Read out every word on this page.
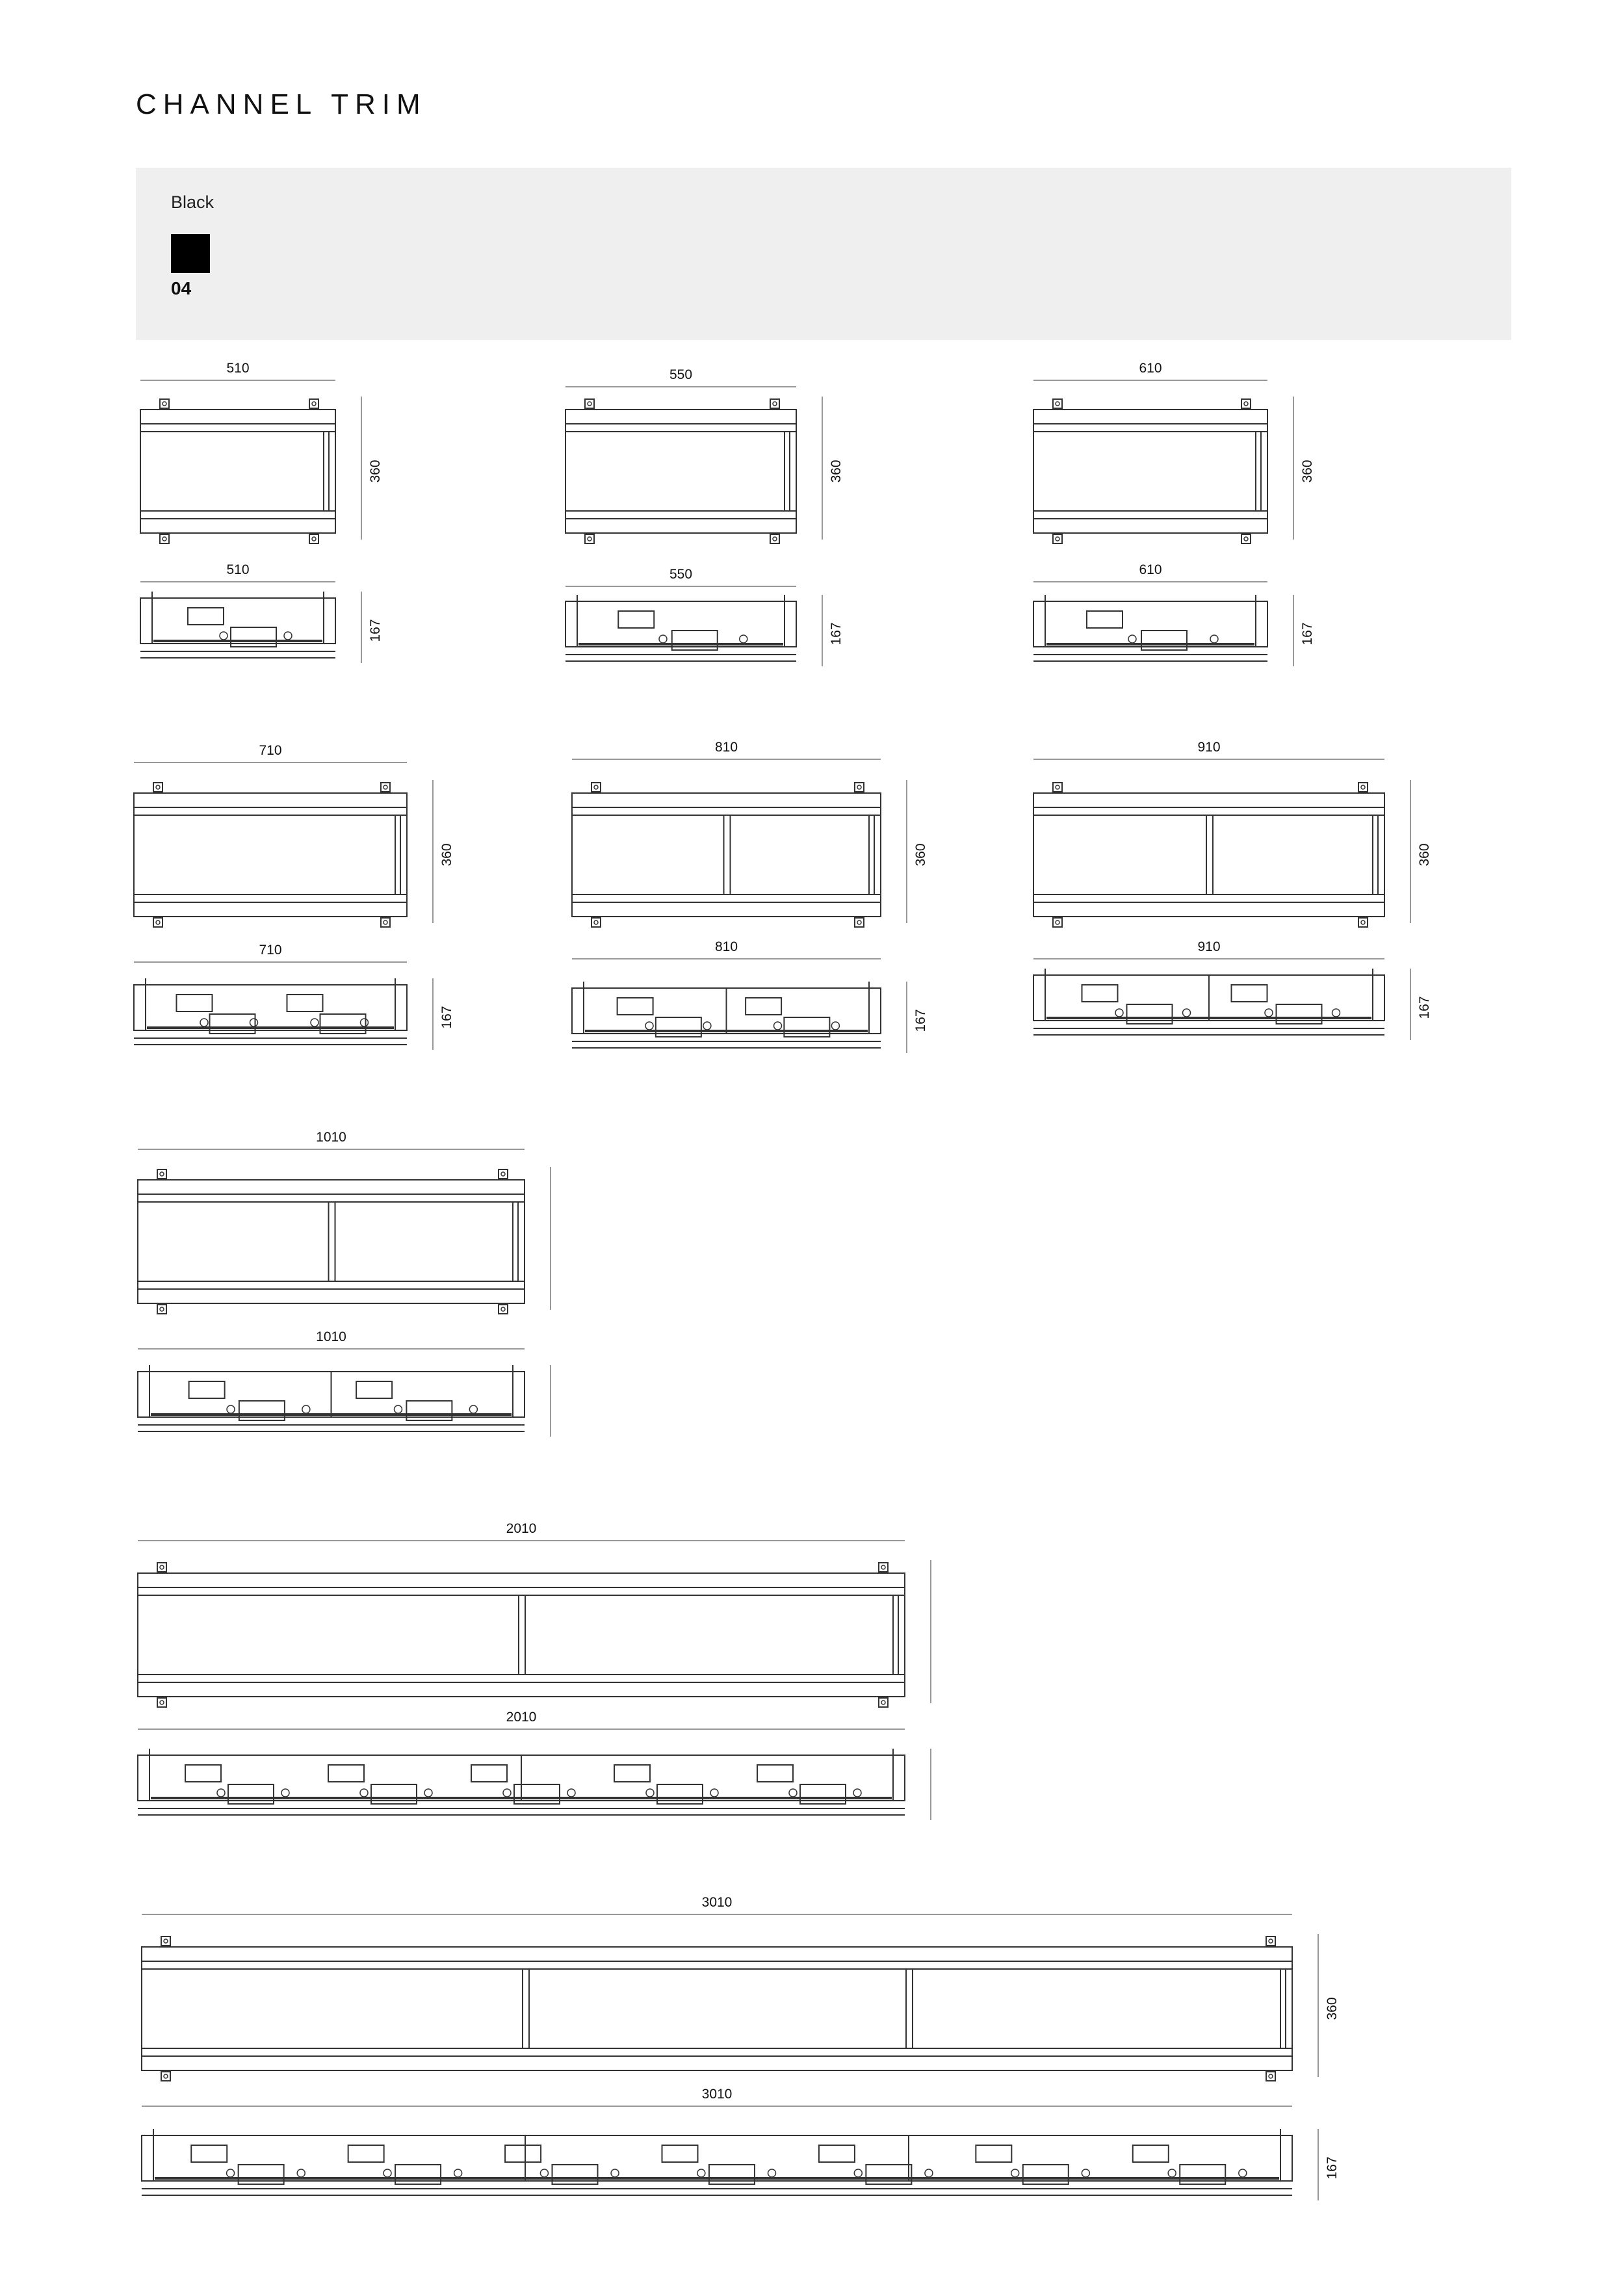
CHANNEL TRIM
Black
04
510
360
510
167
550
360
550
167
610
360
610
167
710
360
710
167
810
360
810
167
910
360
910
167
1010
1010
2010
2010
3010
360
3010
167
